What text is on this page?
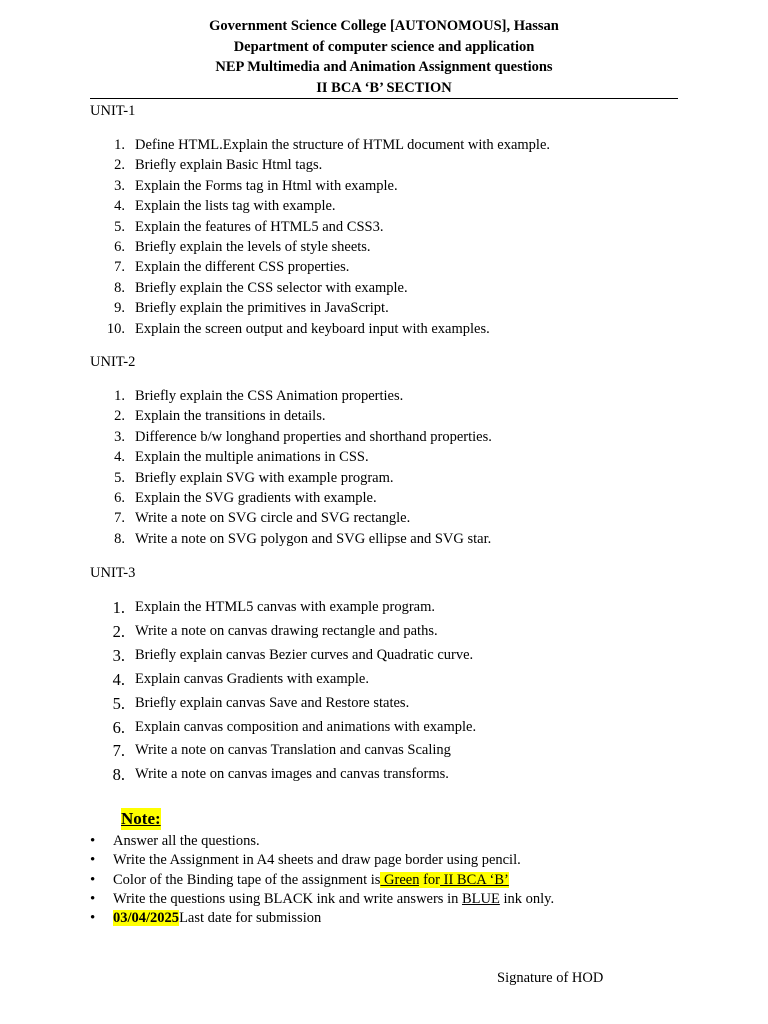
Government Science College [AUTONOMOUS], Hassan
Department of computer science and application
NEP Multimedia and Animation Assignment questions
II BCA ‘B’ SECTION
UNIT-1
1. Define HTML.Explain the structure of HTML document with example.
2. Briefly explain Basic Html tags.
3. Explain the Forms tag in Html with example.
4. Explain the lists tag with example.
5. Explain the features of HTML5 and CSS3.
6. Briefly explain the levels of style sheets.
7. Explain the different CSS properties.
8. Briefly explain the CSS selector with example.
9. Briefly explain the primitives in JavaScript.
10. Explain the screen output and keyboard input with examples.
UNIT-2
1. Briefly explain the CSS Animation properties.
2. Explain the transitions in details.
3. Difference b/w longhand properties and shorthand properties.
4. Explain the multiple animations in CSS.
5. Briefly explain SVG with example program.
6. Explain the SVG gradients with example.
7. Write a note on SVG circle and SVG rectangle.
8. Write a note on SVG polygon and SVG ellipse and SVG star.
UNIT-3
1. Explain the HTML5 canvas with example program.
2. Write a note on canvas drawing rectangle and paths.
3. Briefly explain canvas Bezier curves and Quadratic curve.
4. Explain canvas Gradients with example.
5. Briefly explain canvas Save and Restore states.
6. Explain canvas composition and animations with example.
7. Write a note on canvas Translation and canvas Scaling
8. Write a note on canvas images and canvas transforms.
Note:
• Answer all the questions.
• Write the Assignment in A4 sheets and draw page border using pencil.
• Color of the Binding tape of the assignment is Green for II BCA ‘B’
• Write the questions using BLACK ink and write answers in BLUE ink only.
• 03/04/2025Last date for submission
Signature of HOD
